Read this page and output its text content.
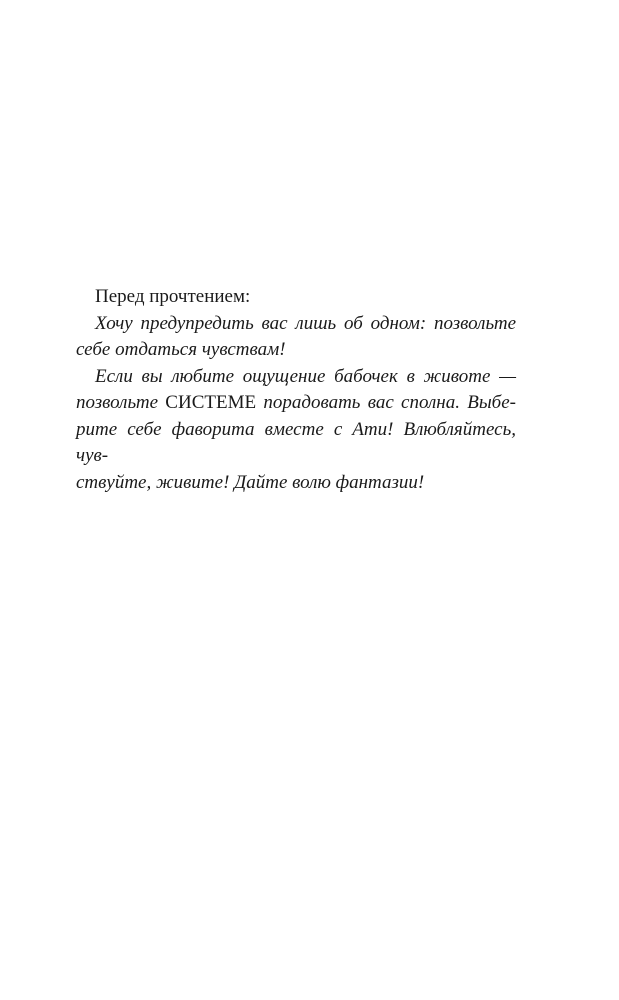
Перед прочтением:
Хочу предупредить вас лишь об одном: позвольте
себе отдаться чувствам!
Если вы любите ощущение бабочек в животе —
позвольте СИСТЕМЕ порадовать вас сполна. Выбе-
рите себе фаворита вместе с Ати! Влюбляйтесь, чув-
ствуйте, живите! Дайте волю фантазии!
